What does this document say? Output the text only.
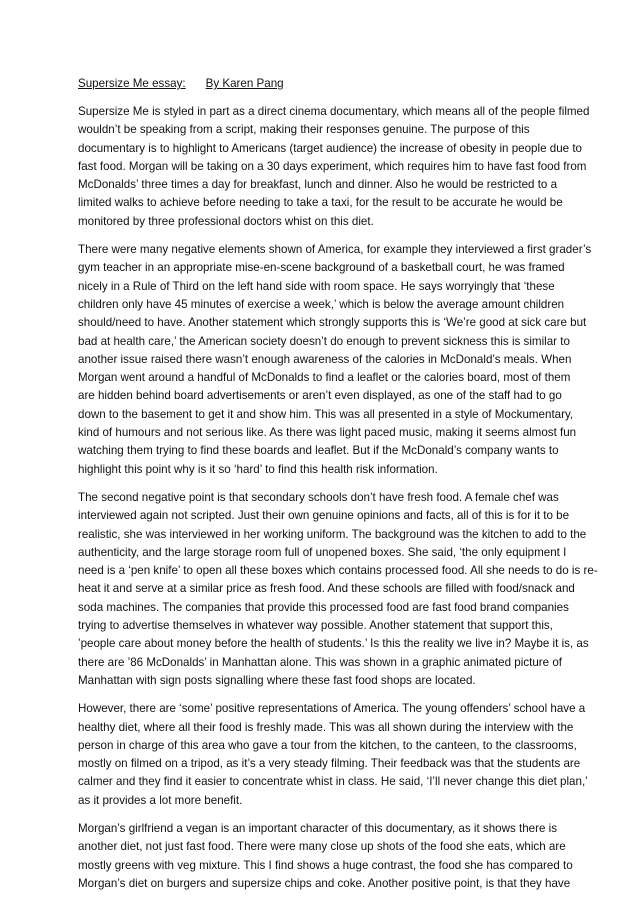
Supersize Me essay: By Karen Pang

Supersize Me is styled in part as a direct cinema documentary, which means all of the people filmed
wouldn’t be speaking from a script, making their responses genuine. The purpose of this
documentary is to highlight to Americans (target audience) the increase of obesity in people due to
fast food. Morgan will be taking on a 30 days experiment, which requires him to have fast food from
McDonalds’ three times a day for breakfast, lunch and dinner. Also he would be restricted to a
limited walks to achieve before needing to take a taxi, for the result to be accurate he would be
monitored by three professional doctors whist on this diet.

There were many negative elements shown of America, for example they interviewed a first grader’s
gym teacher in an appropriate mise-en-scene background of a basketball court, he was framed
nicely in a Rule of Third on the left hand side with room space. He says worryingly that ‘these
children only have 45 minutes of exercise a week,’ which is below the average amount children
should/need to have. Another statement which strongly supports this is ‘We’re good at sick care but
bad at health care,’ the American society doesn’t do enough to prevent sickness this is similar to
another issue raised there wasn’t enough awareness of the calories in McDonald’s meals. When
Morgan went around a handful of McDonalds to find a leaflet or the calories board, most of them
are hidden behind board advertisements or aren’t even displayed, as one of the staff had to go
down to the basement to get it and show him. This was all presented in a style of Mockumentary,
kind of humours and not serious like. As there was light paced music, making it seems almost fun
watching them trying to find these boards and leaflet. But if the McDonald’s company wants to
highlight this point why is it so ‘hard’ to find this health risk information.

The second negative point is that secondary schools don’t have fresh food. A female chef was
interviewed again not scripted. Just their own genuine opinions and facts, all of this is for it to be
realistic, she was interviewed in her working uniform. The background was the kitchen to add to the
authenticity, and the large storage room full of unopened boxes. She said, ‘the only equipment I
need is a ‘pen knife’ to open all these boxes which contains processed food. All she needs to do is re-
heat it and serve at a similar price as fresh food. And these schools are filled with food/snack and
soda machines. The companies that provide this processed food are fast food brand companies
trying to advertise themselves in whatever way possible. Another statement that support this,
’people care about money before the health of students.’ Is this the reality we live in? Maybe it is, as
there are ’86 McDonalds’ in Manhattan alone. This was shown in a graphic animated picture of
Manhattan with sign posts signalling where these fast food shops are located.

However, there are ‘some’ positive representations of America. The young offenders’ school have a
healthy diet, where all their food is freshly made. This was all shown during the interview with the
person in charge of this area who gave a tour from the kitchen, to the canteen, to the classrooms,
mostly on filmed on a tripod, as it’s a very steady filming. Their feedback was that the students are
calmer and they find it easier to concentrate whist in class. He said, ‘I’ll never change this diet plan,’
as it provides a lot more benefit.

Morgan’s girlfriend a vegan is an important character of this documentary, as it shows there is
another diet, not just fast food. There were many close up shots of the food she eats, which are
mostly greens with veg mixture. This I find shows a huge contrast, the food she has compared to
Morgan’s diet on burgers and supersize chips and coke. Another positive point, is that they have
